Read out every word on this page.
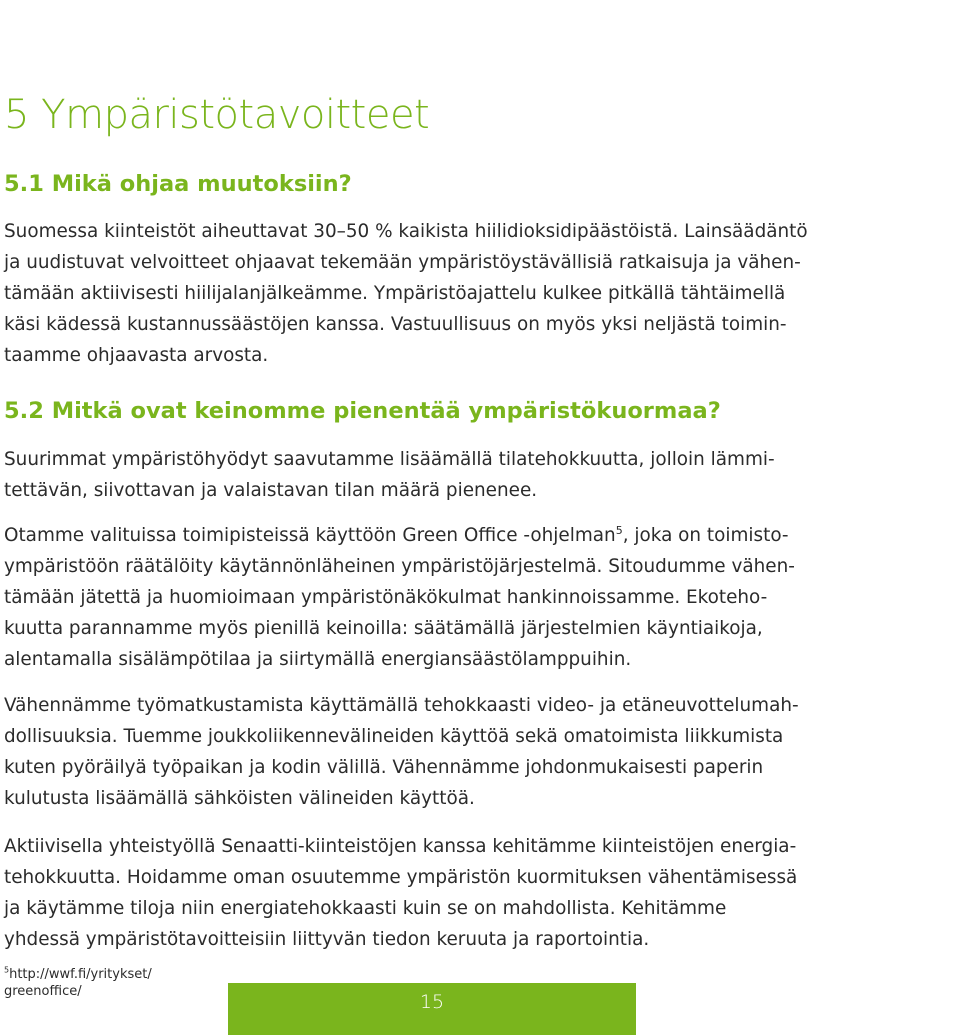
5 Ympäristötavoitteet
5.1 Mikä ohjaa muutoksiin?

Suomessa kiinteistöt aiheuttavat 30–50 % kaikista hiilidioksidipäästöistä. Lainsäädäntö
ja uudistuvat velvoitteet ohjaavat tekemään ympäristöystävällisiä ratkaisuja ja vähen-
tämään aktiivisesti hiilijalanjälkeämme. Ympäristöajattelu kulkee pitkällä tähtäimellä
käsi kädessä kustannussäästöjen kanssa. Vastuullisuus on myös yksi neljästä toimin-
taamme ohjaavasta arvosta.

5.2 Mitkä ovat keinomme pienentää ympäristökuormaa?

Suurimmat ympäristöhyödyt saavutamme lisäämällä tilatehokkuutta, jolloin lämmi-
tettävän, siivottavan ja valaistavan tilan määrä pienenee.

Otamme valituissa toimipisteissä käyttöön Green Office -ohjelman$^5$, joka on toimisto-
ympäristöön räätälöity käytännönläheinen ympäristöjärjestelmä. Sitoudumme vähen-
tämään jätettä ja huomioimaan ympäristönäkökulmat hankinnoissamme. Ekoteho-
kuutta parannamme myös pienillä keinoilla: säätämällä järjestelmien käyntiaikoja,
alentamalla sisälämpötilaa ja siirtymällä energiansäästölamppuihin.

Vähennämme työmatkustamista käyttämällä tehokkaasti video- ja etäneuvottelumah-
dollisuuksia. Tuemme joukkoliikennevälineiden käyttöä sekä omatoimista liikkumista
kuten pyöräilyä työpaikan ja kodin välillä. Vähennämme johdonmukaisesti paperin
kulutusta lisäämällä sähköisten välineiden käyttöä.

Aktiivisella yhteistyöllä Senaatti-kiinteistöjen kanssa kehitämme kiinteistöjen energia-
tehokkuutta. Hoidamme oman osuutemme ympäristön kuormituksen vähentämisessä
ja käytämme tiloja niin energiatehokkaasti kuin se on mahdollista. Kehitämme
yhdessä ympäristötavoitteisiin liittyvän tiedon keruuta ja raportointia.

$^5$http://wwf.fi/yritykset/
greenoffice/	15
